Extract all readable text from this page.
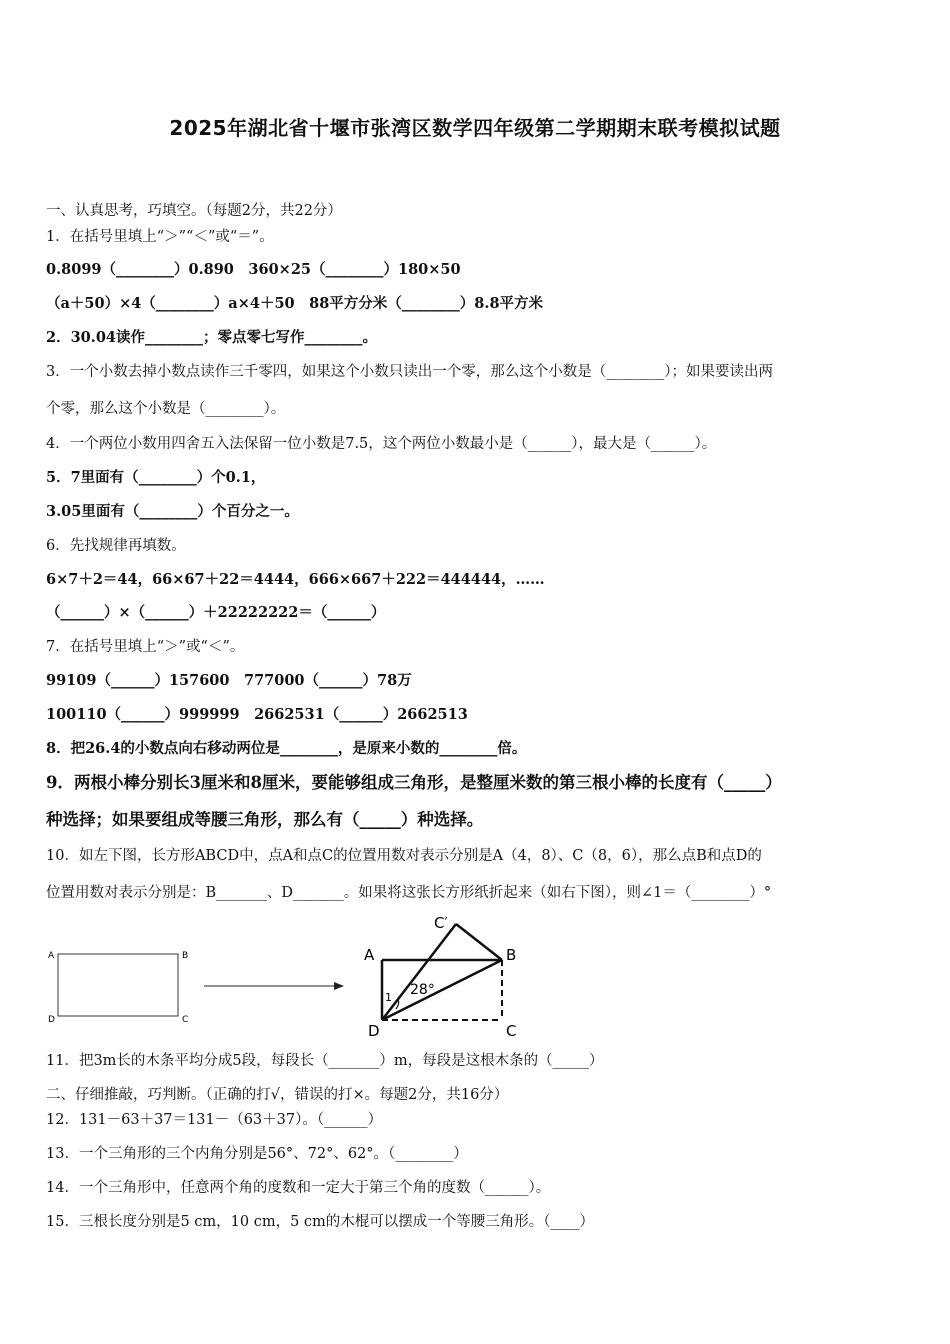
2025年湖北省十堰市张湾区数学四年级第二学期期末联考模拟试题
一、认真思考，巧填空。（每题2分，共22分）
1．在括号里填上“＞”“＜”或“＝”。
0.8099（________）0.890　360×25（________）180×50
（a＋50）×4（________）a×4＋50　88平方分米（________）8.8平方米
2．30.04读作________；零点零七写作________。
3．一个小数去掉小数点读作三千零四，如果这个小数只读出一个零，那么这个小数是（________）；如果要读出两
个零，那么这个小数是（________）。
4．一个两位小数用四舍五入法保留一位小数是7.5，这个两位小数最小是（______），最大是（______）。
5．7里面有（________）个0.1，
3.05里面有（________）个百分之一。
6．先找规律再填数。
6×7＋2＝44，66×67＋22＝4444，666×667＋222＝444444，……
（______）×（______）＋22222222＝（______）
7．在括号里填上“＞”或“＜”。
99109（______）157600　777000（______）78万
100110（______）999999　2662531（______）2662513
8．把26.4的小数点向右移动两位是________，是原来小数的________倍。
9．两根小棒分别长3厘米和8厘米，要能够组成三角形，是整厘米数的第三根小棒的长度有（_____）
种选择；如果要组成等腰三角形，那么有（_____）种选择。
10．如左下图，长方形ABCD中，点A和点C的位置用数对表示分别是A（4，8）、C（8，6），那么点B和点D的
位置用数对表示分别是：B_______、D_______。如果将这张长方形纸折起来（如右下图），则∠1＝（________）°
A	B
C
D
A	B
C
D
C′
1 28°
11．把3m长的木条平均分成5段，每段长（_______）m，每段是这根木条的（_____）
二、仔细推敲，巧判断。（正确的打√，错误的打×。每题2分，共16分）
12．131－63＋37＝131－（63＋37）。（______）
13．一个三角形的三个内角分别是56°、72°、62°。（________）
14．一个三角形中，任意两个角的度数和一定大于第三个角的度数（______）。
15．三根长度分别是5 cm，10 cm，5 cm的木棍可以摆成一个等腰三角形。（____）
